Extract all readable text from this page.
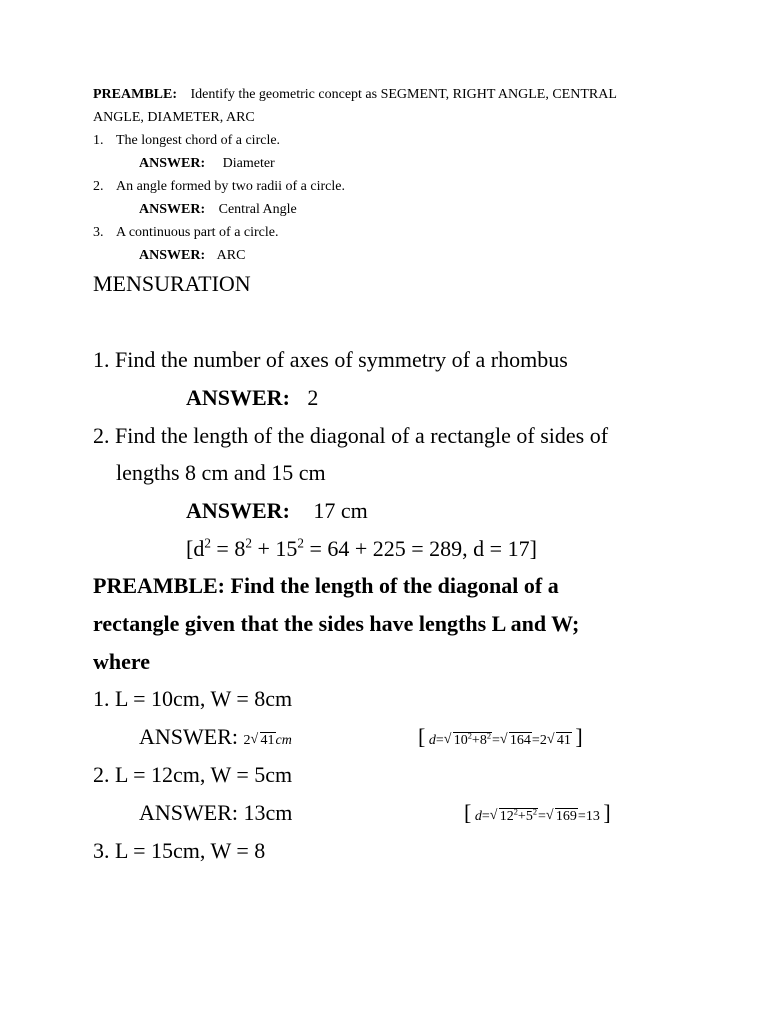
PREAMBLE: Identify the geometric concept as SEGMENT, RIGHT ANGLE, CENTRAL
ANGLE, DIAMETER, ARC
1. The longest chord of a circle.
ANSWER: Diameter
2. An angle formed by two radii of a circle.
ANSWER: Central Angle
3. A continuous part of a circle.
ANSWER: ARC
MENSURATION
1. Find the number of axes of symmetry of a rhombus
ANSWER: 2
2. Find the length of the diagonal of a rectangle of sides of
lengths 8 cm and 15 cm
ANSWER: 17 cm
[$d^2 = 8^2 + 15^2 = 64 + 225 = 289$, d = 17]
PREAMBLE: Find the length of the diagonal of a
rectangle given that the sides have lengths L and W;
where
1. L = 10cm, W = 8cm
ANSWER: 2 √ 41cm	[ d= √ $10^2+8^2=$ √ 164=2 √ 41 ]
2. L = 12cm, W = 5cm
ANSWER: 13cm	[ d= √ $12^2+5^2=$ √ 169=13 ]
3. L = 15cm, W = 8
